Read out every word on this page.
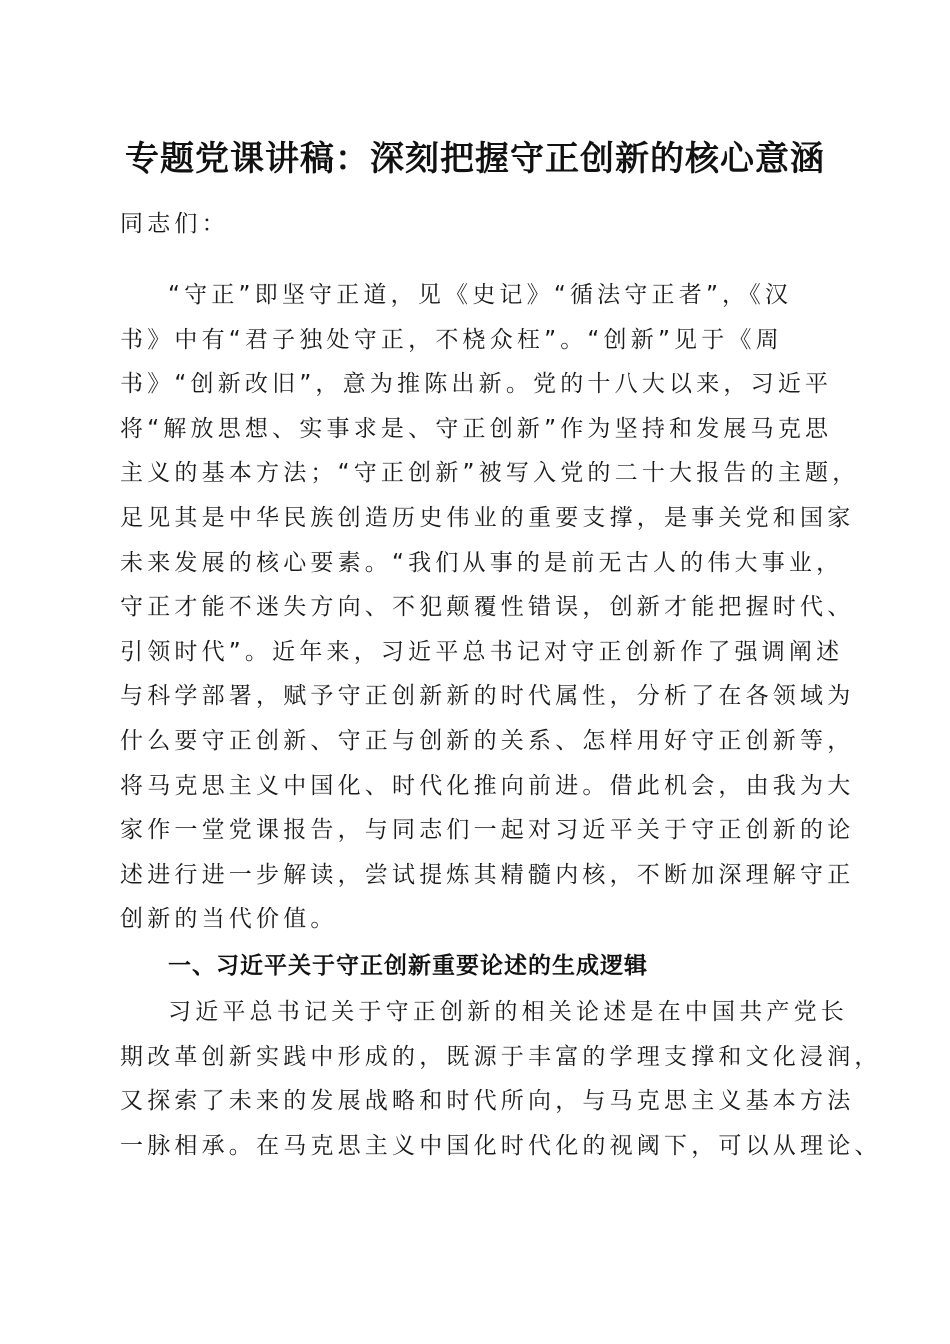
专题党课讲稿：深刻把握守正创新的核心意涵
同志们：
“守正”即坚守正道，见《史记》“循法守正者”，《汉
书》中有“君子独处守正，不桡众枉”。“创新”见于《周
书》“创新改旧”，意为推陈出新。党的十八大以来，习近平
将“解放思想、实事求是、守正创新”作为坚持和发展马克思
主义的基本方法；“守正创新”被写入党的二十大报告的主题，
足见其是中华民族创造历史伟业的重要支撑，是事关党和国家
未来发展的核心要素。“我们从事的是前无古人的伟大事业，
守正才能不迷失方向、不犯颠覆性错误，创新才能把握时代、
引领时代”。近年来，习近平总书记对守正创新作了强调阐述
与科学部署，赋予守正创新新的时代属性，分析了在各领域为
什么要守正创新、守正与创新的关系、怎样用好守正创新等，
将马克思主义中国化、时代化推向前进。借此机会，由我为大
家作一堂党课报告，与同志们一起对习近平关于守正创新的论
述进行进一步解读，尝试提炼其精髓内核，不断加深理解守正
创新的当代价值。
一、习近平关于守正创新重要论述的生成逻辑
习近平总书记关于守正创新的相关论述是在中国共产党长
期改革创新实践中形成的，既源于丰富的学理支撑和文化浸润，
又探索了未来的发展战略和时代所向，与马克思主义基本方法
一脉相承。在马克思主义中国化时代化的视阈下，可以从理论、
